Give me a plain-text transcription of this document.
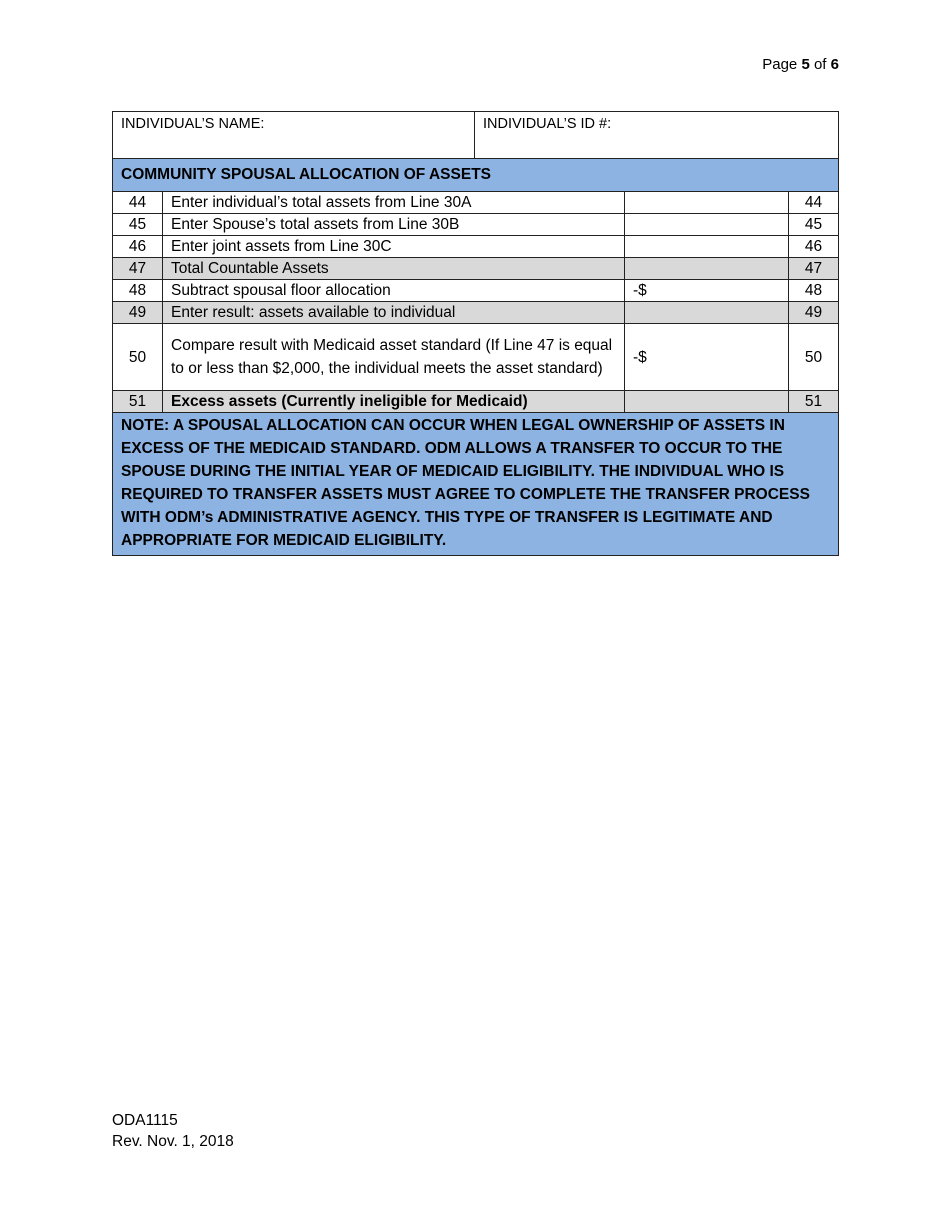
Page 5 of 6
INDIVIDUAL’S NAME:		INDIVIDUAL’S ID #:		
COMMUNITY SPOUSAL ALLOCATION OF ASSETS				
44	Enter individual’s total assets from Line 30A			44
45	Enter Spouse’s total assets from Line 30B			45
46	Enter joint assets from Line 30C			46
47	Total Countable Assets			47
48	Subtract spousal floor allocation		-$	48
49	Enter result: assets available to individual			49
50	Compare result with Medicaid asset standard (If Line 47 is equal to or less than $2,000, the individual meets the asset standard)		-$	50
51	Excess assets (Currently ineligible for Medicaid)			51
NOTE: A SPOUSAL ALLOCATION CAN OCCUR WHEN LEGAL OWNERSHIP OF ASSETS IN EXCESS OF THE MEDICAID STANDARD. ODM ALLOWS A TRANSFER TO OCCUR TO THE SPOUSE DURING THE INITIAL YEAR OF MEDICAID ELIGIBILITY. THE INDIVIDUAL WHO IS REQUIRED TO TRANSFER ASSETS MUST AGREE TO COMPLETE THE TRANSFER PROCESS WITH ODM’s ADMINISTRATIVE AGENCY. THIS TYPE OF TRANSFER IS LEGITIMATE AND APPROPRIATE FOR MEDICAID ELIGIBILITY.				
ODA1115
Rev. Nov. 1, 2018
